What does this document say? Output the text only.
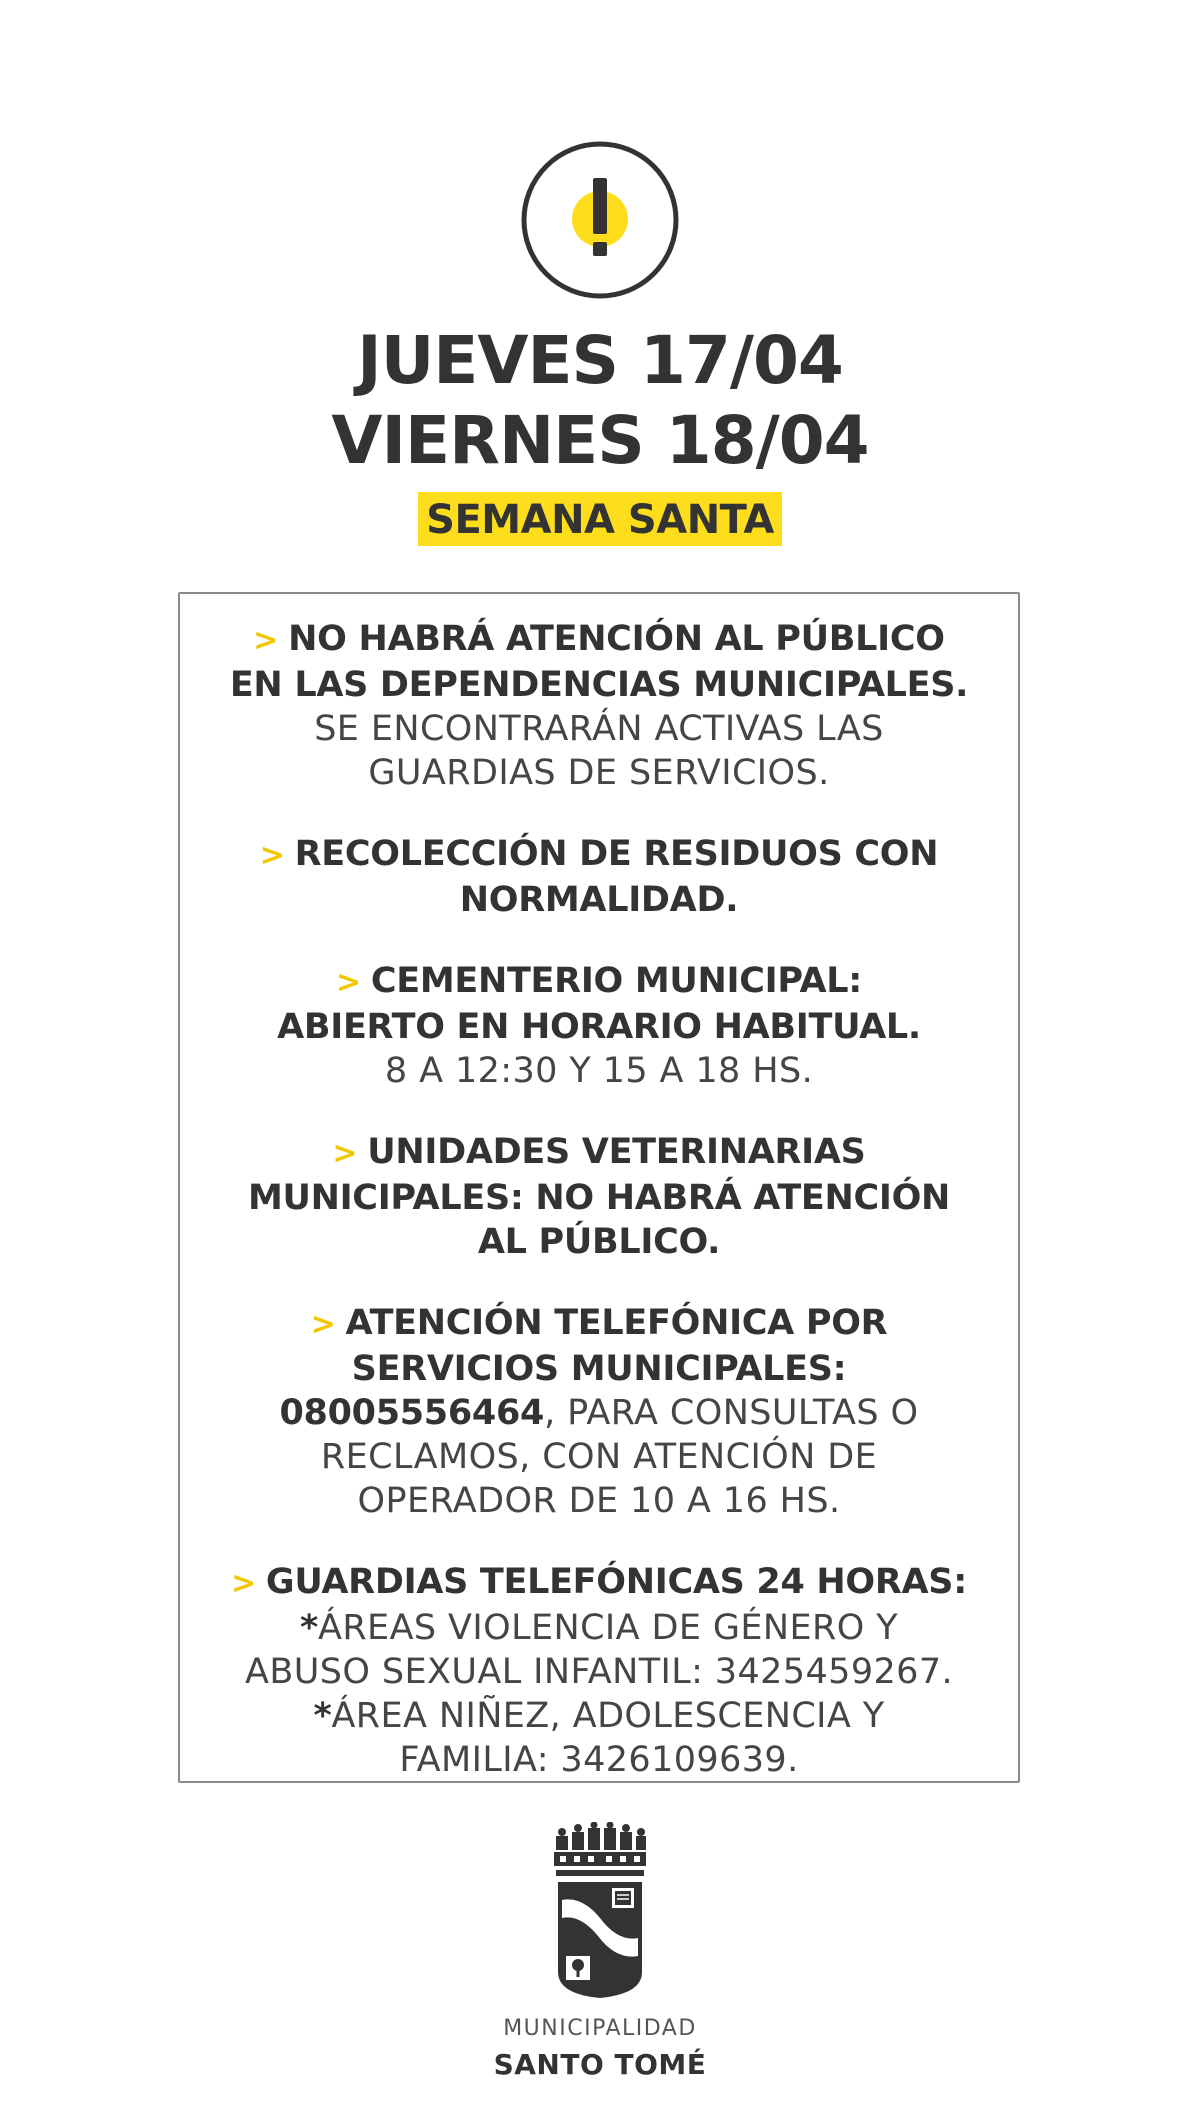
JUEVES 17/04
VIERNES 18/04
SEMANA SANTA
> NO HABRÁ ATENCIÓN AL PÚBLICO
EN LAS DEPENDENCIAS MUNICIPALES.
SE ENCONTRARÁN ACTIVAS LAS
GUARDIAS DE SERVICIOS.
> RECOLECCIÓN DE RESIDUOS CON
NORMALIDAD.
> CEMENTERIO MUNICIPAL:
ABIERTO EN HORARIO HABITUAL.
8 A 12:30 Y 15 A 18 HS.
> UNIDADES VETERINARIAS
MUNICIPALES: NO HABRÁ ATENCIÓN
AL PÚBLICO.
> ATENCIÓN TELEFÓNICA POR
SERVICIOS MUNICIPALES:
08005556464, PARA CONSULTAS O
RECLAMOS, CON ATENCIÓN DE
OPERADOR DE 10 A 16 HS.
> GUARDIAS TELEFÓNICAS 24 HORAS:
*ÁREAS VIOLENCIA DE GÉNERO Y
ABUSO SEXUAL INFANTIL: 3425459267.
*ÁREA NIÑEZ, ADOLESCENCIA Y
FAMILIA: 3426109639.
MUNICIPALIDAD
SANTO TOMÉ
